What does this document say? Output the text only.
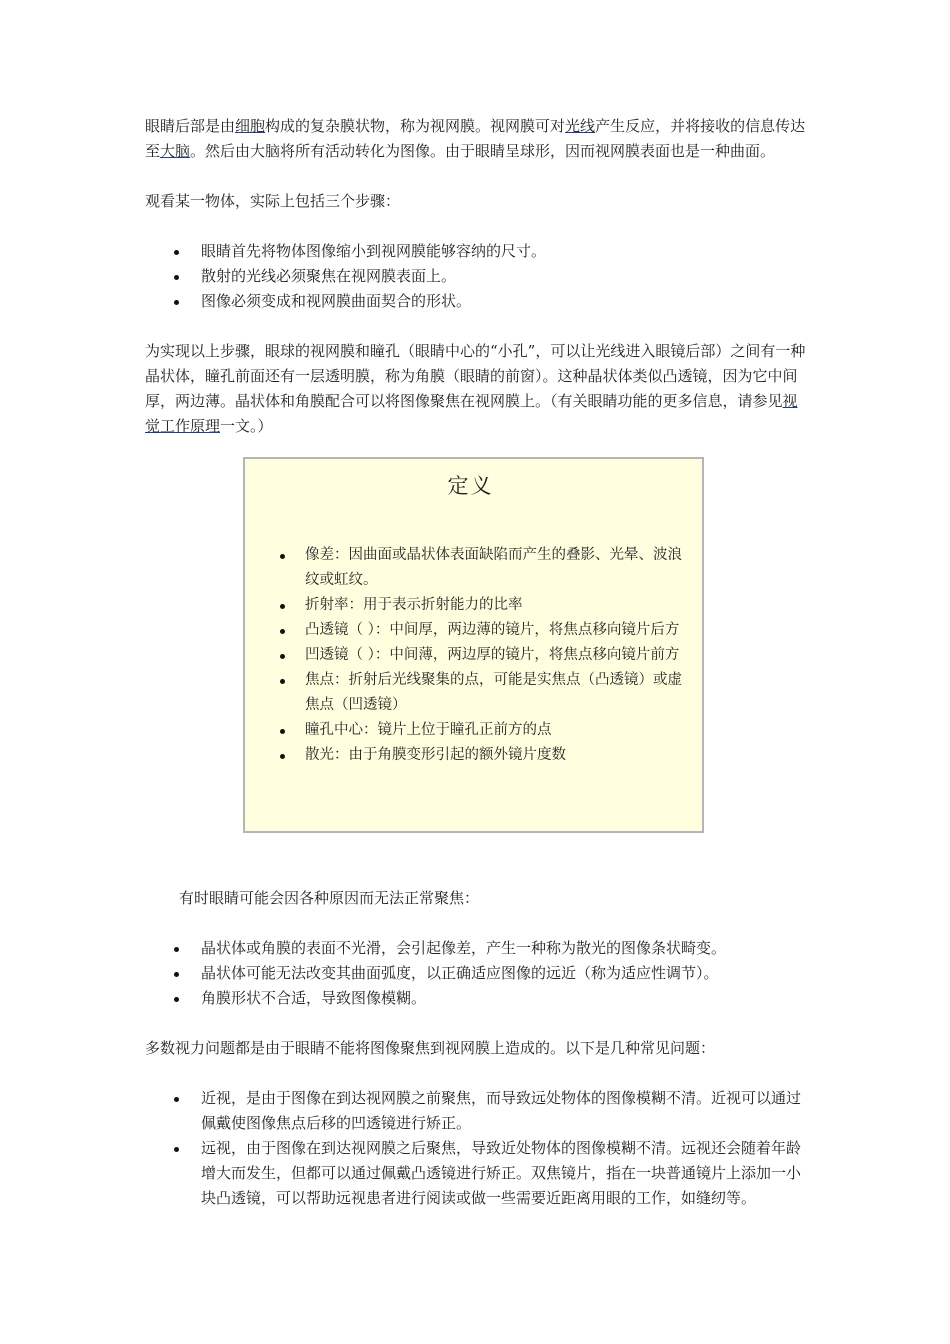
眼睛后部是由细胞构成的复杂膜状物，称为视网膜。视网膜可对光线产生反应，并将接收的信息传达至大脑。然后由大脑将所有活动转化为图像。由于眼睛呈球形，因而视网膜表面也是一种曲面。

观看某一物体，实际上包括三个步骤：

眼睛首先将物体图像缩小到视网膜能够容纳的尺寸。
散射的光线必须聚焦在视网膜表面上。
图像必须变成和视网膜曲面契合的形状。

为实现以上步骤，眼球的视网膜和瞳孔（眼睛中心的“小孔”，可以让光线进入眼镜后部）之间有一种晶状体，瞳孔前面还有一层透明膜，称为角膜（眼睛的前窗）。这种晶状体类似凸透镜，因为它中间厚，两边薄。晶状体和角膜配合可以将图像聚焦在视网膜上。（有关眼睛功能的更多信息，请参见视觉工作原理一文。）

定义
像差：因曲面或晶状体表面缺陷而产生的叠影、光晕、波浪纹或虹纹。
折射率：用于表示折射能力的比率
凸透镜（ ）：中间厚，两边薄的镜片，将焦点移向镜片后方
凹透镜（ ）：中间薄，两边厚的镜片，将焦点移向镜片前方
焦点：折射后光线聚集的点，可能是实焦点（凸透镜）或虚焦点（凹透镜）
瞳孔中心：镜片上位于瞳孔正前方的点
散光：由于角膜变形引起的额外镜片度数

有时眼睛可能会因各种原因而无法正常聚焦：

晶状体或角膜的表面不光滑，会引起像差，产生一种称为散光的图像条状畸变。
晶状体可能无法改变其曲面弧度，以正确适应图像的远近（称为适应性调节）。
角膜形状不合适，导致图像模糊。

多数视力问题都是由于眼睛不能将图像聚焦到视网膜上造成的。以下是几种常见问题：

近视，是由于图像在到达视网膜之前聚焦，而导致远处物体的图像模糊不清。近视可以通过佩戴使图像焦点后移的凹透镜进行矫正。
远视，由于图像在到达视网膜之后聚焦，导致近处物体的图像模糊不清。远视还会随着年龄增大而发生，但都可以通过佩戴凸透镜进行矫正。双焦镜片，指在一块普通镜片上添加一小块凸透镜，可以帮助远视患者进行阅读或做一些需要近距离用眼的工作，如缝纫等。
